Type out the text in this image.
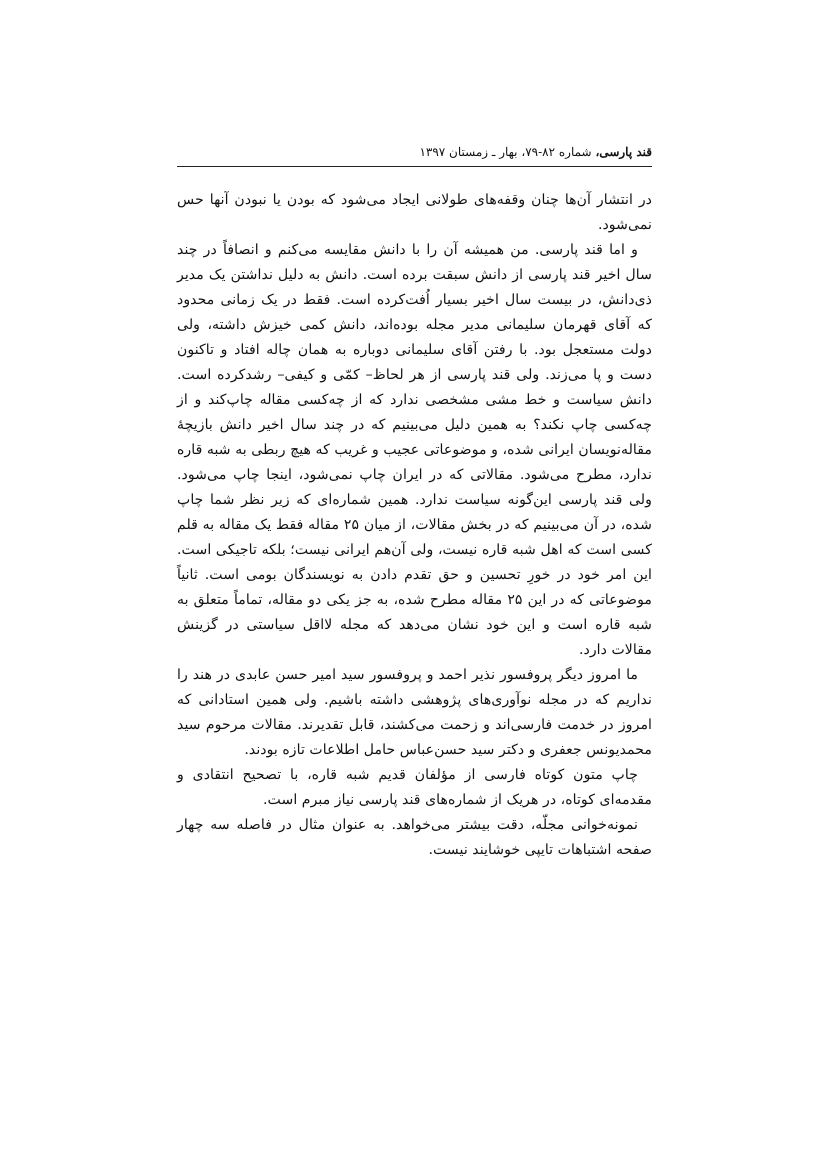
قند پارسی، شماره ۸۲-۷۹، بهار ـ زمستان ۱۳۹۷

در انتشار آن‌ها چنان وقفه‌های طولانی ایجاد می‌شود که بودن یا نبودن آنها حس نمی‌شود.

و اما قند پارسی. من همیشه آن را با دانش مقایسه می‌کنم و انصافاً در چند سال اخیر قند پارسی از دانش سبقت برده است. دانش به دلیل نداشتن یک مدیر ذی‌دانش، در بیست سال اخیر بسیار اُفت‌کرده است. فقط در یک زمانی محدود که آقای قهرمان سلیمانی مدیر مجله بوده‌اند، دانش کمی خیزش داشته، ولی دولت مستعجل بود. با رفتن آقای سلیمانی دوباره به همان چاله افتاد و تاکنون دست و پا می‌زند. ولی قند پارسی از هر لحاظ– کمّی و کیفی– رشدکرده است. دانش سیاست و خط مشی مشخصی ندارد که از چه‌کسی مقاله چاپ‌کند و از چه‌کسی چاپ نکند؟ به همین دلیل می‌بینیم که در چند سال اخیر دانش بازیچهٔ مقاله‌نویسان ایرانی شده، و موضوعاتی عجیب و غریب که هیچ ربطی به شبه قاره ندارد، مطرح می‌شود. مقالاتی که در ایران چاپ نمی‌شود، اینجا چاپ می‌شود. ولی قند پارسی این‌گونه سیاست ندارد. همین شماره‌ای که زیر نظر شما چاپ شده، در آن می‌بینیم که در بخش مقالات، از میان ۲۵ مقاله فقط یک مقاله به قلم کسی است که اهل شبه قاره نیست، ولی آن‌هم ایرانی نیست؛ بلکه تاجیکی است. این امر خود در خورِ تحسین و حق تقدم دادن به نویسندگان بومی است. ثانیاً موضوعاتی که در این ۲۵ مقاله مطرح شده، به جز یکی دو مقاله، تماماً متعلق به شبه قاره است و این خود نشان می‌دهد که مجله لااقل سیاستی در گزینش مقالات دارد.

ما امروز دیگر پروفسور نذیر احمد و پروفسور سید امیر حسن عابدی در هند را نداریم که در مجله نوآوری‌های پژوهشی داشته باشیم. ولی همین استادانی که امروز در خدمت فارسی‌اند و زحمت می‌کشند، قابل تقدیرند. مقالات مرحوم سید محمدیونس جعفری و دکتر سید حسن‌عباس حامل اطلاعات تازه بودند.

چاپ متون کوتاه فارسی از مؤلفان قدیم شبه قاره، با تصحیح انتقادی و مقدمه‌ای کوتاه، در هریک از شماره‌های قند پارسی نیاز مبرم است.

نمونه‌خوانی مجلّه، دقت بیشتر می‌خواهد. به عنوان مثال در فاصله سه چهار صفحه اشتباهات تایپی خوشایند نیست.
